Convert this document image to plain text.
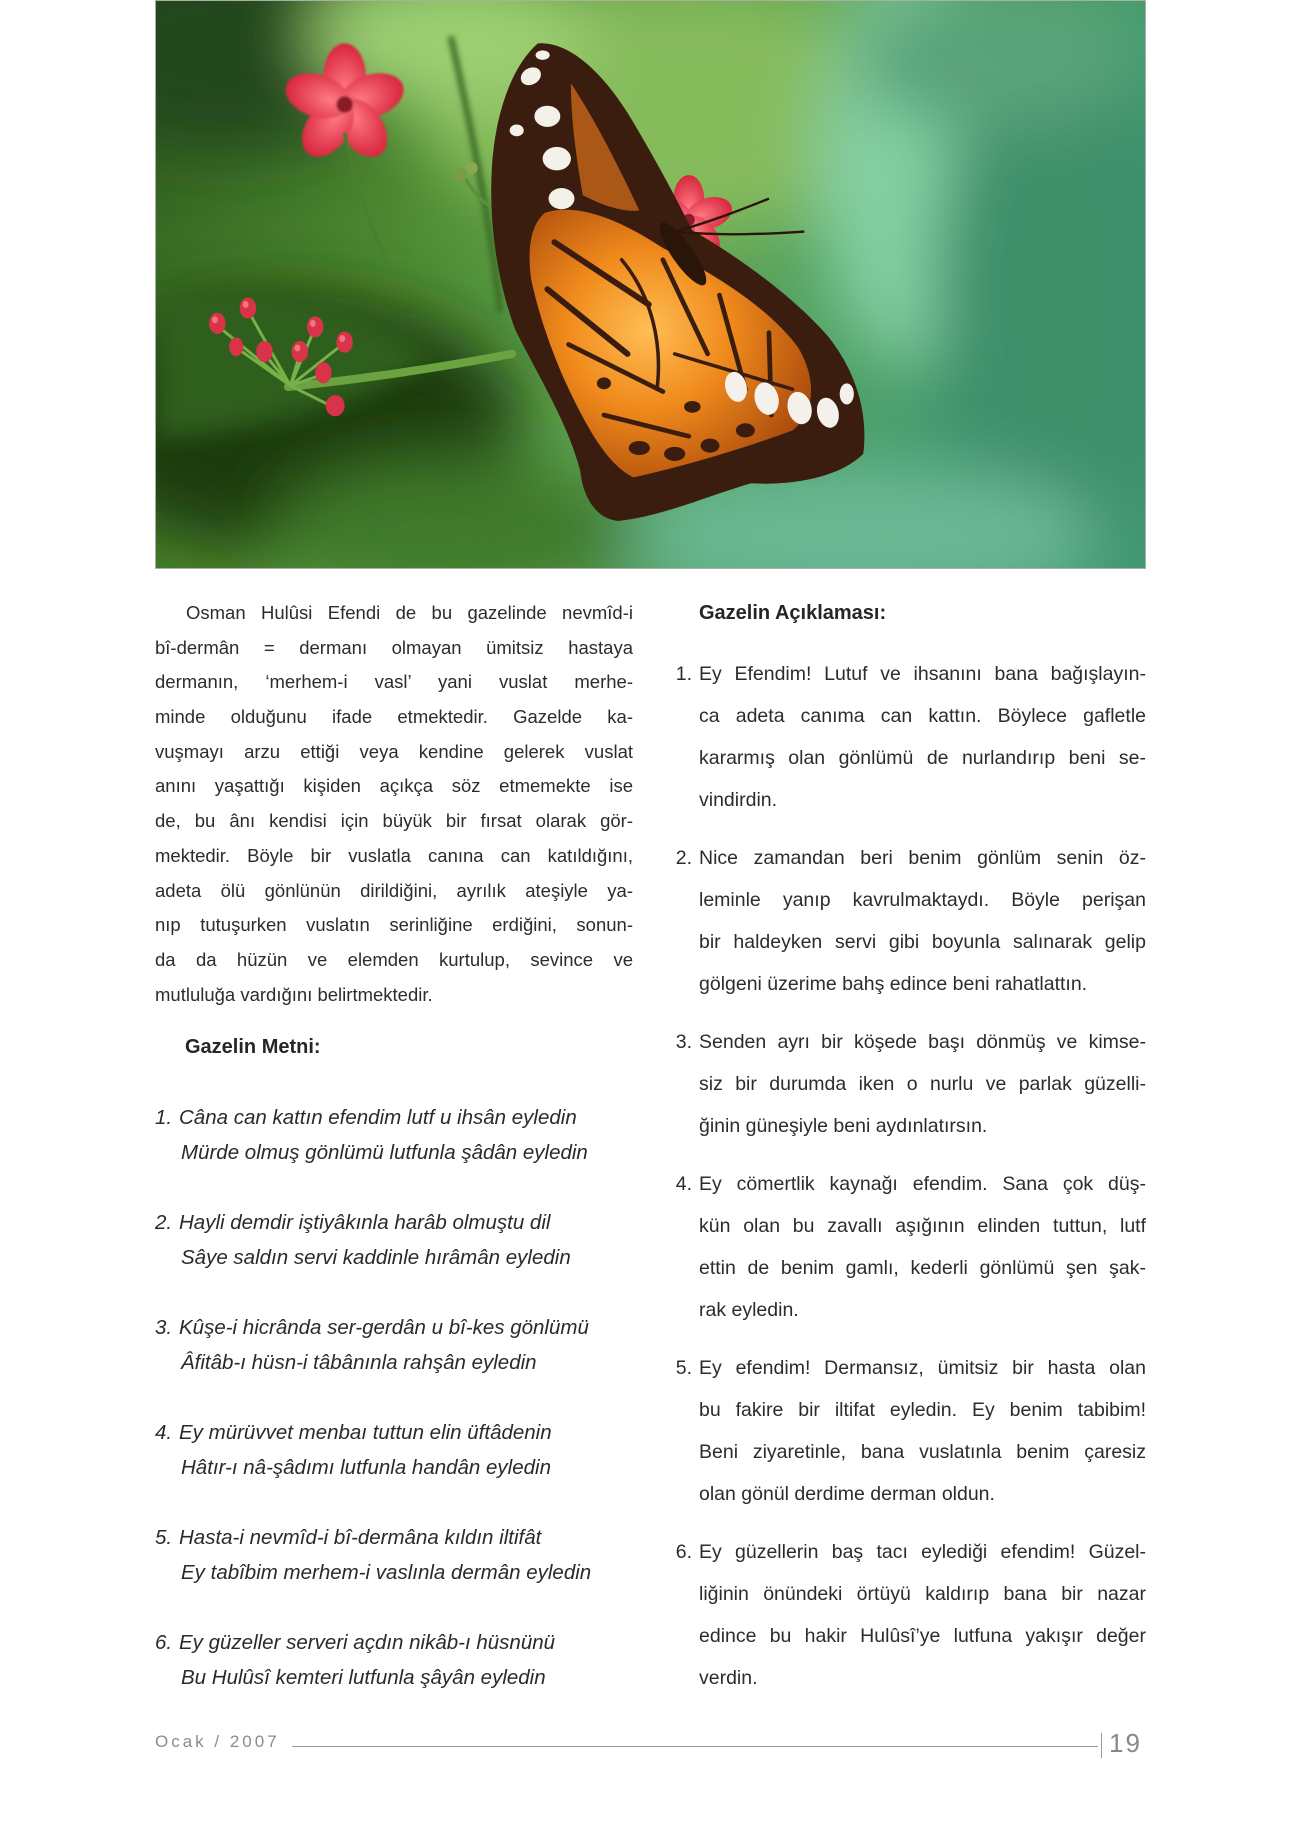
Osman Hulûsi Efendi de bu gazelinde nevmîd-i
bî-dermân = dermanı olmayan ümitsiz hastaya
dermanın, ‘merhem-i vasl’ yani vuslat merhe-
minde olduğunu ifade etmektedir. Gazelde ka-
vuşmayı arzu ettiği veya kendine gelerek vuslat
anını yaşattığı kişiden açıkça söz etmemekte ise
de, bu ânı kendisi için büyük bir fırsat olarak gör-
mektedir. Böyle bir vuslatla canına can katıldığını,
adeta ölü gönlünün dirildiğini, ayrılık ateşiyle ya-
nıp tutuşurken vuslatın serinliğine erdiğini, sonun-
da da hüzün ve elemden kurtulup, sevince ve
mutluluğa vardığını belirtmektedir.
Gazelin Metni:
1. Câna can kattın efendim lutf u ihsân eyledin
Mürde olmuş gönlümü lutfunla şâdân eyledin
2. Hayli demdir iştiyâkınla harâb olmuştu dil
Sâye saldın servi kaddinle hırâmân eyledin
3. Kûşe-i hicrânda ser-gerdân u bî-kes gönlümü
Âfitâb-ı hüsn-i tâbânınla rahşân eyledin
4. Ey mürüvvet menbaı tuttun elin üftâdenin
Hâtır-ı nâ-şâdımı lutfunla handân eyledin
5. Hasta-i nevmîd-i bî-dermâna kıldın iltifât
Ey tabîbim merhem-i vaslınla dermân eyledin
6. Ey güzeller serveri açdın nikâb-ı hüsnünü
Bu Hulûsî kemteri lutfunla şâyân eyledin
Gazelin Açıklaması:
1. Ey Efendim! Lutuf ve ihsanını bana bağışlayın-
ca adeta canıma can kattın. Böylece gafletle
kararmış olan gönlümü de nurlandırıp beni se-
vindirdin.
2. Nice zamandan beri benim gönlüm senin öz-
leminle yanıp kavrulmaktaydı. Böyle perişan
bir haldeyken servi gibi boyunla salınarak gelip
gölgeni üzerime bahş edince beni rahatlattın.
3. Senden ayrı bir köşede başı dönmüş ve kimse-
siz bir durumda iken o nurlu ve parlak güzelli-
ğinin güneşiyle beni aydınlatırsın.
4. Ey cömertlik kaynağı efendim. Sana çok düş-
kün olan bu zavallı aşığının elinden tuttun, lutf
ettin de benim gamlı, kederli gönlümü şen şak-
rak eyledin.
5. Ey efendim! Dermansız, ümitsiz bir hasta olan
bu fakire bir iltifat eyledin. Ey benim tabibim!
Beni ziyaretinle, bana vuslatınla benim çaresiz
olan gönül derdime derman oldun.
6. Ey güzellerin baş tacı eylediği efendim! Güzel-
liğinin önündeki örtüyü kaldırıp bana bir nazar
edince bu hakir Hulûsî’ye lutfuna yakışır değer
verdin.
Ocak / 2007	19
